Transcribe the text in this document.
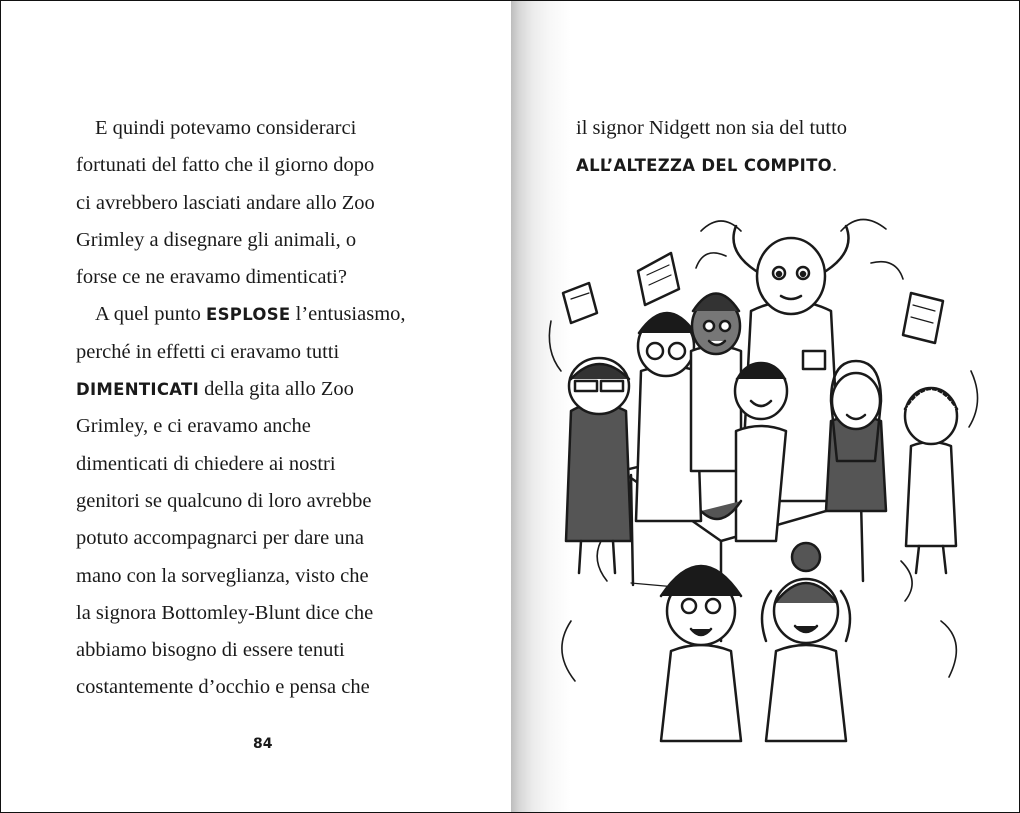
E quindi potevamo considerarci
fortunati del fatto che il giorno dopo
ci avrebbero lasciati andare allo Zoo
Grimley a disegnare gli animali, o
forse ce ne eravamo dimenticati?
A quel punto ESPLOSE l’entusiasmo,
perché in effetti ci eravamo tutti
DIMENTICATI della gita allo Zoo
Grimley, e ci eravamo anche
dimenticati di chiedere ai nostri
genitori se qualcuno di loro avrebbe
potuto accompagnarci per dare una
mano con la sorveglianza, visto che
la signora Bottomley-Blunt dice che
abbiamo bisogno di essere tenuti
costantemente d’occhio e pensa che
84
il signor Nidgett non sia del tutto
ALL’ALTEZZA DEL COMPITO.
